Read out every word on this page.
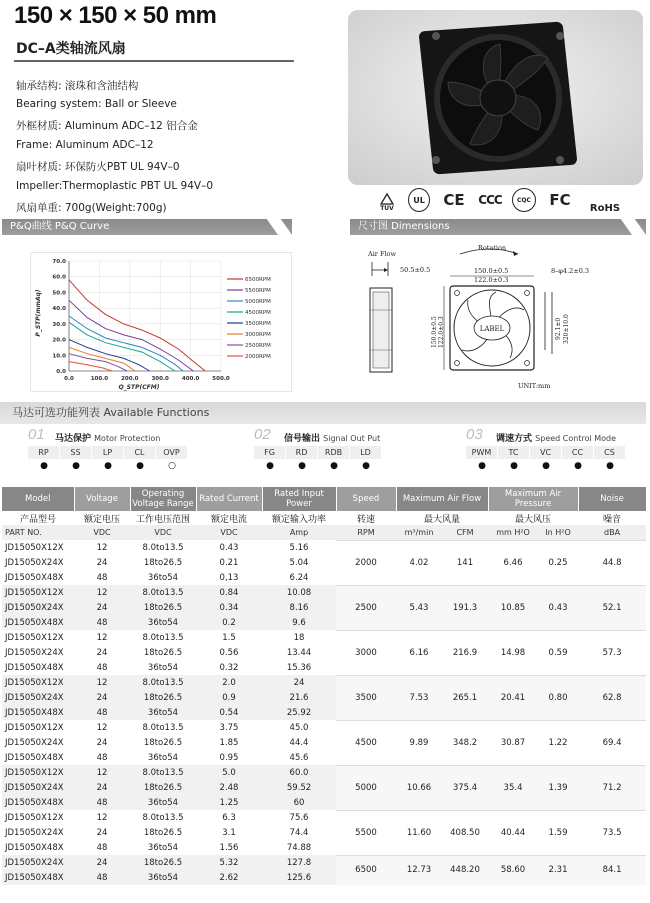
150 × 150 × 50 mm
DC–A类轴流风扇
轴承结构: 滚珠和含油结构
Bearing system: Ball or Sleeve
外框材质: Aluminum ADC–12 铝合金
Frame: Aluminum ADC–12
扇叶材质: 环保防火PBT UL 94V–0
Impeller:Thermoplastic PBT UL 94V–0
风扇单重: 700g(Weight:700g)	TÜV
UL	CE CCC	CQC	FC	RoHS
P&Q曲线 P&Q Curve	尺寸图 Dimensions
0.0
10.0
20.0
30.0
40.0
50.0
60.0
70.0
0.0	100.0 200.0 300.0 400.0 500.0
6500RPM
5500RPM
5000RPM
4500RPM
3500RPM
3000RPM
2500RPM
2000RPM
Q_STP(CFM)
P_STP(mmAq)
Air Flow
50.5±0.5
Rotation
150.0±0.5
122.0±0.3
8–φ4.2±0.3
LABEL
150.0±0.5 122.0±0.3	92.1±0 320±10.0
UNIT:mm
马达可选功能列表 Available Functions
01 马达保护 Motor Protection
RP	SS	LP	CL	OVP
●	●	●	●	○
02 信号输出 Signal Out Put
FG	RD	RDB	LD
●	●	●	●
03 调速方式 Speed Control Mode
PWM	TC	VC	CC	CS
●	●	●	●	●
Model	Voltage	Operating Voltage Range	Rated Current	Rated Input Power	Speed	Maximum Air Flow		Maximum Air Pressure		Noise
产品型号	额定电压	工作电压范围	额定电流	额定输入功率	转速	最大风量		最大风压		噪音
PART NO.	VDC	VDC	VDC	Amp	RPM	m³/min	CFM	mm H²O	In H²O	dBA
JD15050X12X	12	8.0to13.5	0.43	5.16	2000	4.02	141	6.46	0.25	44.8
JD15050X24X	24	18to26.5	0.21	5.04						
JD15050X48X	48	36to54	0,13	6.24						
JD15050X12X	12	8.0to13.5	0.84	10.08	2500	5.43	191.3	10.85	0.43	52.1
JD15050X24X	24	18to26.5	0.34	8.16						
JD15050X48X	48	36to54	0.2	9.6						
JD15050X12X	12	8.0to13.5	1.5	18	3000	6.16	216.9	14.98	0.59	57.3
JD15050X24X	24	18to26.5	0.56	13.44						
JD15050X48X	48	36to54	0.32	15.36						
JD15050X12X	12	8.0to13.5	2.0	24	3500	7.53	265.1	20.41	0.80	62.8
JD15050X24X	24	18to26.5	0.9	21.6						
JD15050X48X	48	36to54	0.54	25.92						
JD15050X12X	12	8.0to13.5	3.75	45.0	4500	9.89	348.2	30.87	1.22	69.4
JD15050X24X	24	18to26.5	1.85	44.4						
JD15050X48X	48	36to54	0.95	45.6						
JD15050X12X	12	8.0to13.5	5.0	60.0	5000	10.66	375.4	35.4	1.39	71.2
JD15050X24X	24	18to26.5	2.48	59.52						
JD15050X48X	48	36to54	1.25	60						
JD15050X12X	12	8.0to13.5	6.3	75.6	5500	11.60	408.50	40.44	1.59	73.5
JD15050X24X	24	18to26.5	3.1	74.4						
JD15050X48X	48	36to54	1.56	74.88						
JD15050X24X	24	18to26.5	5.32	127.8	6500	12.73	448.20	58.60	2.31	84.1
JD15050X48X	48	36to54	2.62	125.6						
